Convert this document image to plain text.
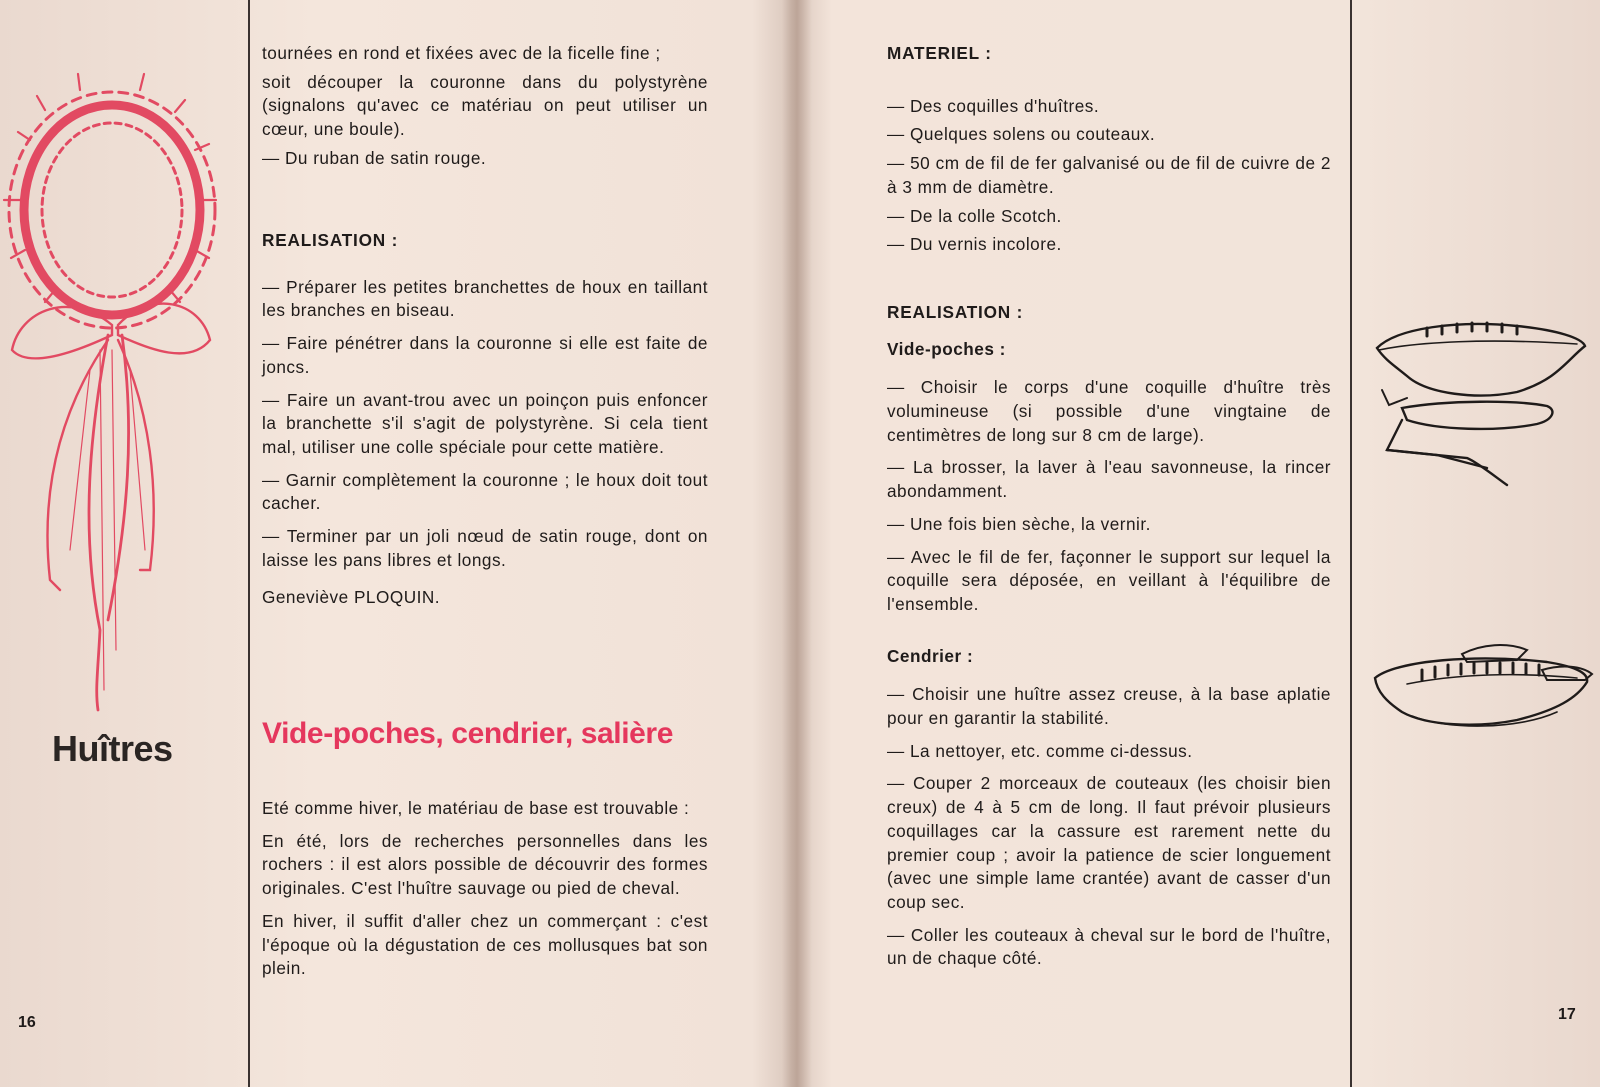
Huîtres
16

tournées en rond et fixées avec de la ficelle fine ;

soit découper la couronne dans du polystyrène (signalons qu'avec ce matériau on peut utiliser un cœur, une boule).

— Du ruban de satin rouge.

REALISATION :

— Préparer les petites branchettes de houx en taillant les branches en biseau.

— Faire pénétrer dans la couronne si elle est faite de joncs.

— Faire un avant-trou avec un poinçon puis enfoncer la branchette s'il s'agit de polystyrène. Si cela tient mal, utiliser une colle spéciale pour cette matière.

— Garnir complètement la couronne ; le houx doit tout cacher.

— Terminer par un joli nœud de satin rouge, dont on laisse les pans libres et longs.

Geneviève PLOQUIN.

Vide-poches, cendrier, salière

Eté comme hiver, le matériau de base est trouvable :

En été, lors de recherches personnelles dans les rochers : il est alors possible de découvrir des formes originales. C'est l'huître sauvage ou pied de cheval.

En hiver, il suffit d'aller chez un commerçant : c'est l'époque où la dégustation de ces mollusques bat son plein.

MATERIEL :

— Des coquilles d'huîtres.

— Quelques solens ou couteaux.

— 50 cm de fil de fer galvanisé ou de fil de cuivre de 2 à 3 mm de diamètre.

— De la colle Scotch.

— Du vernis incolore.

REALISATION :

Vide-poches :

— Choisir le corps d'une coquille d'huître très volumineuse (si possible d'une vingtaine de centimètres de long sur 8 cm de large).

— La brosser, la laver à l'eau savonneuse, la rincer abondamment.

— Une fois bien sèche, la vernir.

— Avec le fil de fer, façonner le support sur lequel la coquille sera déposée, en veillant à l'équilibre de l'ensemble.

Cendrier :

— Choisir une huître assez creuse, à la base aplatie pour en garantir la stabilité.

— La nettoyer, etc. comme ci-dessus.

— Couper 2 morceaux de couteaux (les choisir bien creux) de 4 à 5 cm de long. Il faut prévoir plusieurs coquillages car la cassure est rarement nette du premier coup ; avoir la patience de scier longuement (avec une simple lame crantée) avant de casser d'un coup sec.

— Coller les couteaux à cheval sur le bord de l'huître, un de chaque côté.

17
